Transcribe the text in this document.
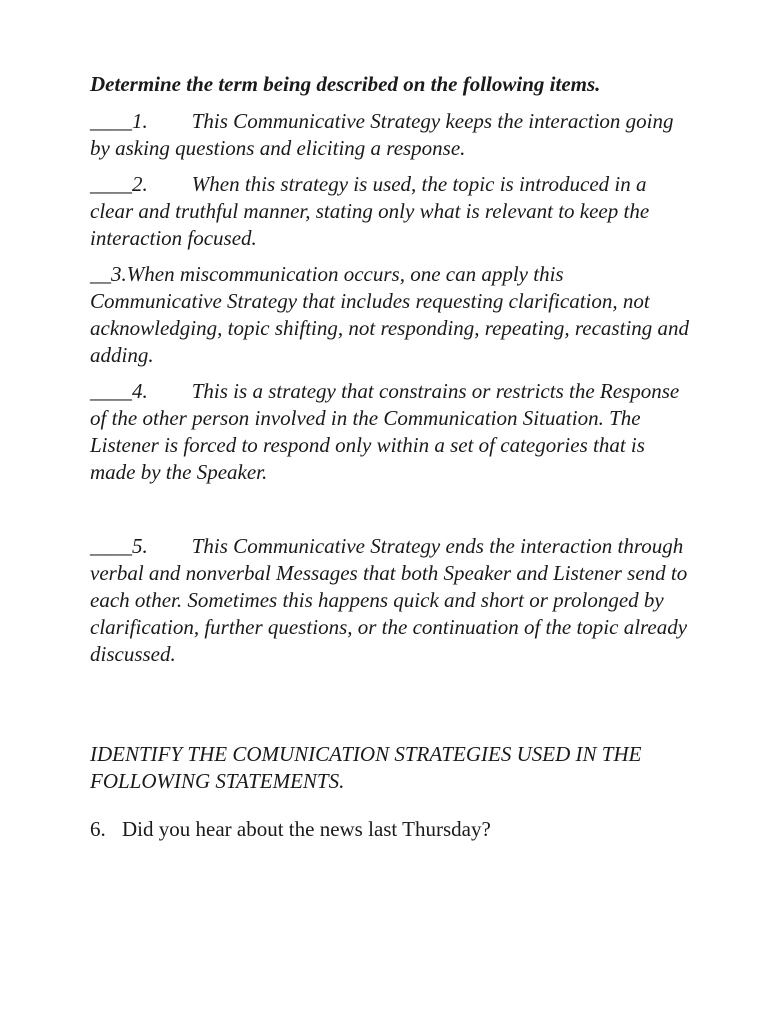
Determine the term being described on the following items.

____1. This Communicative Strategy keeps the interaction going by asking questions and eliciting a response.

____2. When this strategy is used, the topic is introduced in a clear and truthful manner, stating only what is relevant to keep the interaction focused.

__3.When miscommunication occurs, one can apply this Communicative Strategy that includes requesting clarification, not acknowledging, topic shifting, not responding, repeating, recasting and adding.

____4. This is a strategy that constrains or restricts the Response of the other person involved in the Communication Situation. The Listener is forced to respond only within a set of categories that is made by the Speaker.

____5. This Communicative Strategy ends the interaction through verbal and nonverbal Messages that both Speaker and Listener send to each other. Sometimes this happens quick and short or prolonged by clarification, further questions, or the continuation of the topic already discussed.

IDENTIFY THE COMUNICATION STRATEGIES USED IN THE FOLLOWING STATEMENTS.

6. Did you hear about the news last Thursday?
